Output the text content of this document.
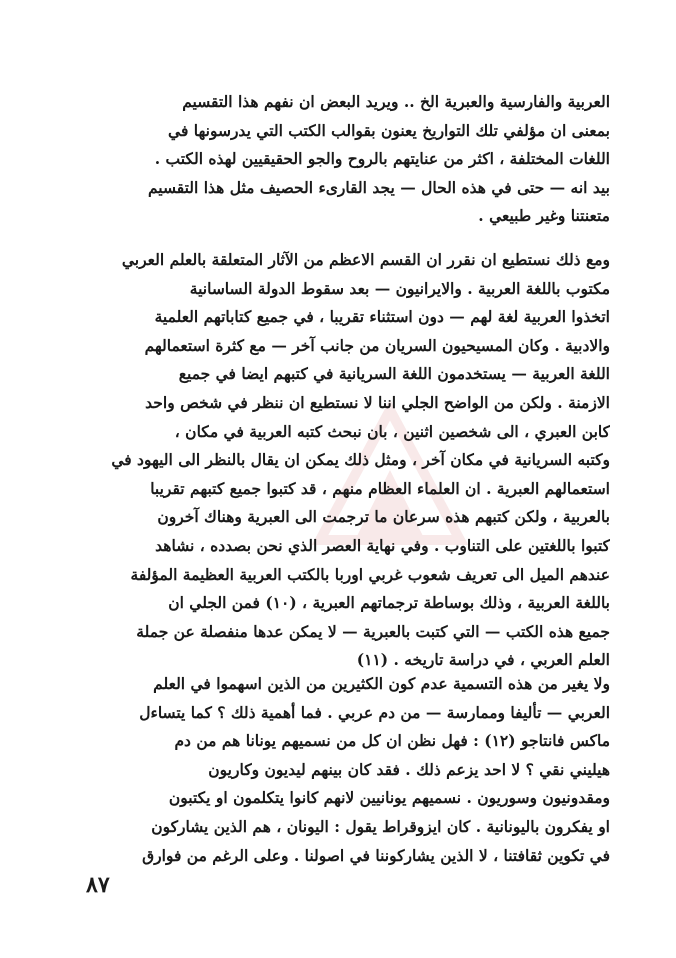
العربية والفارسية والعبرية الخ .. ويريد البعض ان نفهم هذا التقسيم
بمعنى ان مؤلفي تلك التواريخ يعنون بقوالب الكتب التي يدرسونها في
اللغات المختلفة ، اكثر من عنايتهم بالروح والجو الحقيقيين لهذه الكتب .
بيد انه — حتى في هذه الحال — يجد القارىء الحصيف مثل هذا التقسيم
متعنتنا وغير طبيعي .
ومع ذلك نستطيع ان نقرر ان القسم الاعظم من الآثار المتعلقة بالعلم العربي
مكتوب باللغة العربية . والايرانيون — بعد سقوط الدولة الساسانية
اتخذوا العربية لغة لهم — دون استثناء تقريبا ، في جميع كتاباتهم العلمية
والادبية . وكان المسيحيون السريان من جانب آخر — مع كثرة استعمالهم
اللغة العربية — يستخدمون اللغة السريانية في كتبهم ايضا في جميع
الازمنة . ولكن من الواضح الجلي اننا لا نستطيع ان ننظر في شخص واحد
كابن العبري ، الى شخصين اثنين ، بان نبحث كتبه العربية في مكان ،
وكتبه السريانية في مكان آخر ، ومثل ذلك يمكن ان يقال بالنظر الى اليهود في
استعمالهم العبرية . ان العلماء العظام منهم ، قد كتبوا جميع كتبهم تقريبا
بالعربية ، ولكن كتبهم هذه سرعان ما ترجمت الى العبرية وهناك آخرون
كتبوا باللغتين على التناوب . وفي نهاية العصر الذي نحن بصدده ، نشاهد
عندهم الميل الى تعريف شعوب غربي اوربا بالكتب العربية العظيمة المؤلفة
باللغة العربية ، وذلك بوساطة ترجماتهم العبرية ، (١٠) فمن الجلي ان
جميع هذه الكتب — التي كتبت بالعبرية — لا يمكن عدها منفصلة عن جملة
العلم العربي ، في دراسة تاريخه . (١١)
ولا يغير من هذه التسمية عدم كون الكثيرين من الذين اسهموا في العلم
العربي — تأليفا وممارسة — من دم عربي . فما أهمية ذلك ؟ كما يتساءل
ماكس فانتاجو (١٢) : فهل نظن ان كل من نسميهم يونانا هم من دم
هيليني نقي ؟ لا احد يزعم ذلك . فقد كان بينهم ليديون وكاريون
ومقدونيون وسوريون . نسميهم يونانيين لانهم كانوا يتكلمون او يكتبون
او يفكرون باليونانية . كان ايزوقراط يقول : اليونان ، هم الذين يشاركون
في تكوين ثقافتنا ، لا الذين يشاركوننا في اصولنا . وعلى الرغم من فوارق
٨٧
